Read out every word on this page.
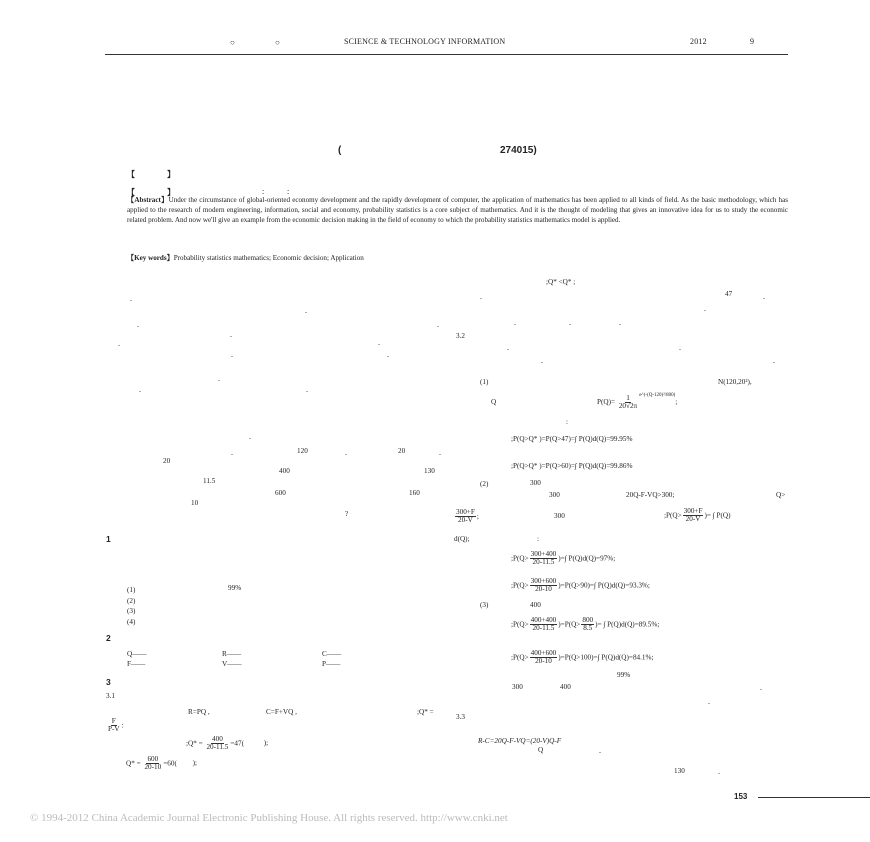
○	○	SCIENCE & TECHNOLOGY INFORMATION	2012	9
(	274015)
【	】
【	】	:	:
【Abstract】Under the circumstance of global-oriented economy development and the rapidly development of computer, the application of mathematics has been applied to all kinds of field. As the basic methodology, which has applied to the research of modern engineering, information, social and economy, probability statistics is a core subject of mathematics. And it is the thought of modeling that gives an innovative idea for us to study the economic related problem. And now we'll give an example from the economic decision making in the field of economy to which the probability statistics mathematics model is applied.
【Key words】Probability statistics mathematics; Economic decision; Application
.
.
.
.
.
.	.
.	.
.
.	.
.
.	.	.
120
20
20
400	130
11.5
600	160
10
?
1
(1)	99%
(2)
(3)
(4)
2
Q——	R——	C——
F——	V——	P——
3
3.1
R=PQ ,	C=F+VQ ,	;Q* =
$\frac{F}{P-V}$ :
;Q* = $\frac{400}{20-11.5} =47$(	);
$Q* = \frac{600}{20-10} =60$( );
;Q* <Q* ;
.	47	.
.
.	.	.
3.2
.	.
.	.
(1)	N(120,20²),
Q	$P(Q)= \frac{1}{20√2\pi} ^{e\^{}(-(Q-120)^2/800)}$;
:
;P(Q>Q* )=P(Q>47)=∫ P(Q)d(Q)=99.95%
;P(Q>Q* )=P(Q>60)=∫ P(Q)d(Q)=99.86%
(2)	300
300	20Q-F-VQ>300;	Q>
$\frac{300+F}{20-V}$ ;	300	;P(Q> $\frac{300+F}{20-V}$ )= ∫ P(Q)
d(Q);	:
;P(Q> $\frac{300+400}{20-11.5}$ )=∫ P(Q)d(Q)=97%;
;P(Q> $\frac{300+600}{20-10} )=P(Q>90)=\int$ P(Q)d(Q)=93.3%;
(3)	400
;P(Q> $\frac{400+400}{20-11.5} )=P(Q> \frac{800}{8.5}$ )= ∫ P(Q)d(Q)=89.5%;
;P(Q> $\frac{400+600}{20-10} )=P(Q>100)=\int$ P(Q)d(Q)=84.1%;
99%
300	400	.
.
3.3
R-C=20Q-F-VQ=(20-V)Q-F
Q	.
130	.
153
© 1994-2012 China Academic Journal Electronic Publishing House. All rights reserved. http://www.cnki.net
